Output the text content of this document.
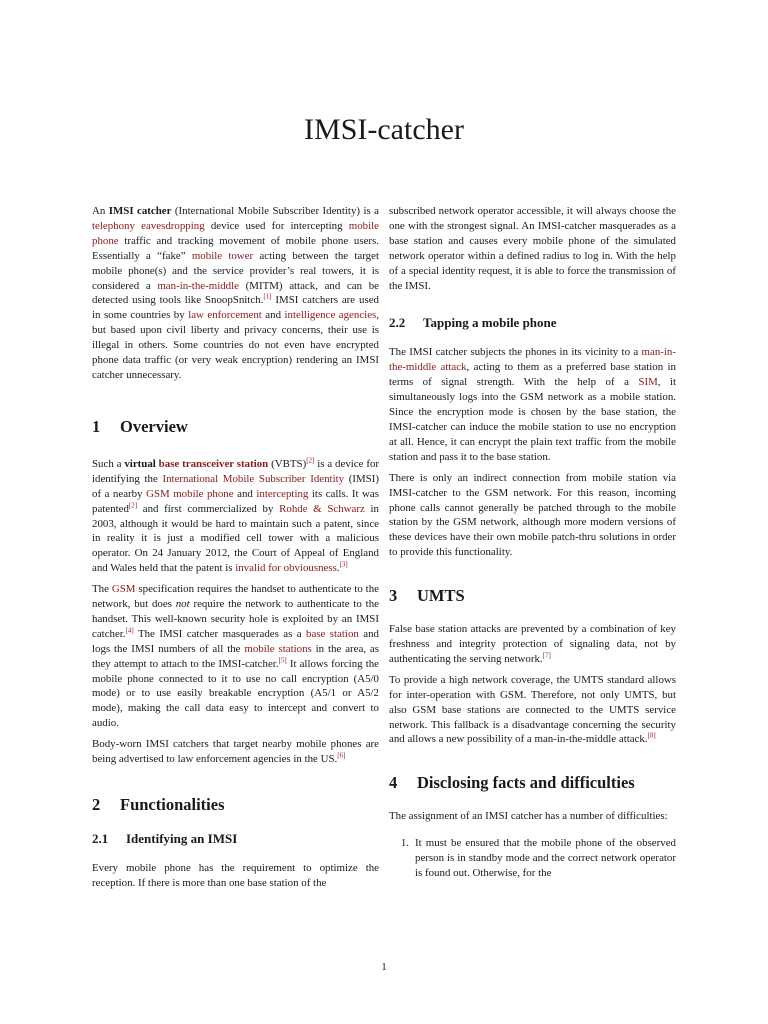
IMSI-catcher

An IMSI catcher (International Mobile Subscriber Identity) is a telephony eavesdropping device used for intercepting mobile phone traffic and tracking movement of mobile phone users. Essentially a “fake” mobile tower acting between the target mobile phone(s) and the service provider’s real towers, it is considered a man-in-the-middle (MITM) attack, and can be detected using tools like SnoopSnitch.[1] IMSI catchers are used in some countries by law enforcement and intelligence agencies, but based upon civil liberty and privacy concerns, their use is illegal in others. Some countries do not even have encrypted phone data traffic (or very weak encryption) rendering an IMSI catcher unnecessary.

1 Overview

Such a virtual base transceiver station (VBTS)[2] is a device for identifying the International Mobile Subscriber Identity (IMSI) of a nearby GSM mobile phone and intercepting its calls. It was patented[2] and first commercialized by Rohde & Schwarz in 2003, although it would be hard to maintain such a patent, since in reality it is just a modified cell tower with a malicious operator. On 24 January 2012, the Court of Appeal of England and Wales held that the patent is invalid for obviousness.[3]

The GSM specification requires the handset to authenticate to the network, but does not require the network to authenticate to the handset. This well-known security hole is exploited by an IMSI catcher.[4] The IMSI catcher masquerades as a base station and logs the IMSI numbers of all the mobile stations in the area, as they attempt to attach to the IMSI-catcher.[5] It allows forcing the mobile phone connected to it to use no call encryption (A5/0 mode) or to use easily breakable encryption (A5/1 or A5/2 mode), making the call data easy to intercept and convert to audio.

Body-worn IMSI catchers that target nearby mobile phones are being advertised to law enforcement agencies in the US.[6]

2 Functionalities
2.1 Identifying an IMSI

Every mobile phone has the requirement to optimize the reception. If there is more than one base station of the

subscribed network operator accessible, it will always choose the one with the strongest signal. An IMSI-catcher masquerades as a base station and causes every mobile phone of the simulated network operator within a defined radius to log in. With the help of a special identity request, it is able to force the transmission of the IMSI.

2.2 Tapping a mobile phone

The IMSI catcher subjects the phones in its vicinity to a man-in-the-middle attack, acting to them as a preferred base station in terms of signal strength. With the help of a SIM, it simultaneously logs into the GSM network as a mobile station. Since the encryption mode is chosen by the base station, the IMSI-catcher can induce the mobile station to use no encryption at all. Hence, it can encrypt the plain text traffic from the mobile station and pass it to the base station.

There is only an indirect connection from mobile station via IMSI-catcher to the GSM network. For this reason, incoming phone calls cannot generally be patched through to the mobile station by the GSM network, although more modern versions of these devices have their own mobile patch-thru solutions in order to provide this functionality.

3 UMTS

False base station attacks are prevented by a combination of key freshness and integrity protection of signaling data, not by authenticating the serving network.[7]

To provide a high network coverage, the UMTS standard allows for inter-operation with GSM. Therefore, not only UMTS, but also GSM base stations are connected to the UMTS service network. This fallback is a disadvantage concerning the security and allows a new possibility of a man-in-the-middle attack.[8]

4 Disclosing facts and difficulties

The assignment of an IMSI catcher has a number of difficulties:

1. It must be ensured that the mobile phone of the observed person is in standby mode and the correct network operator is found out. Otherwise, for the
1
